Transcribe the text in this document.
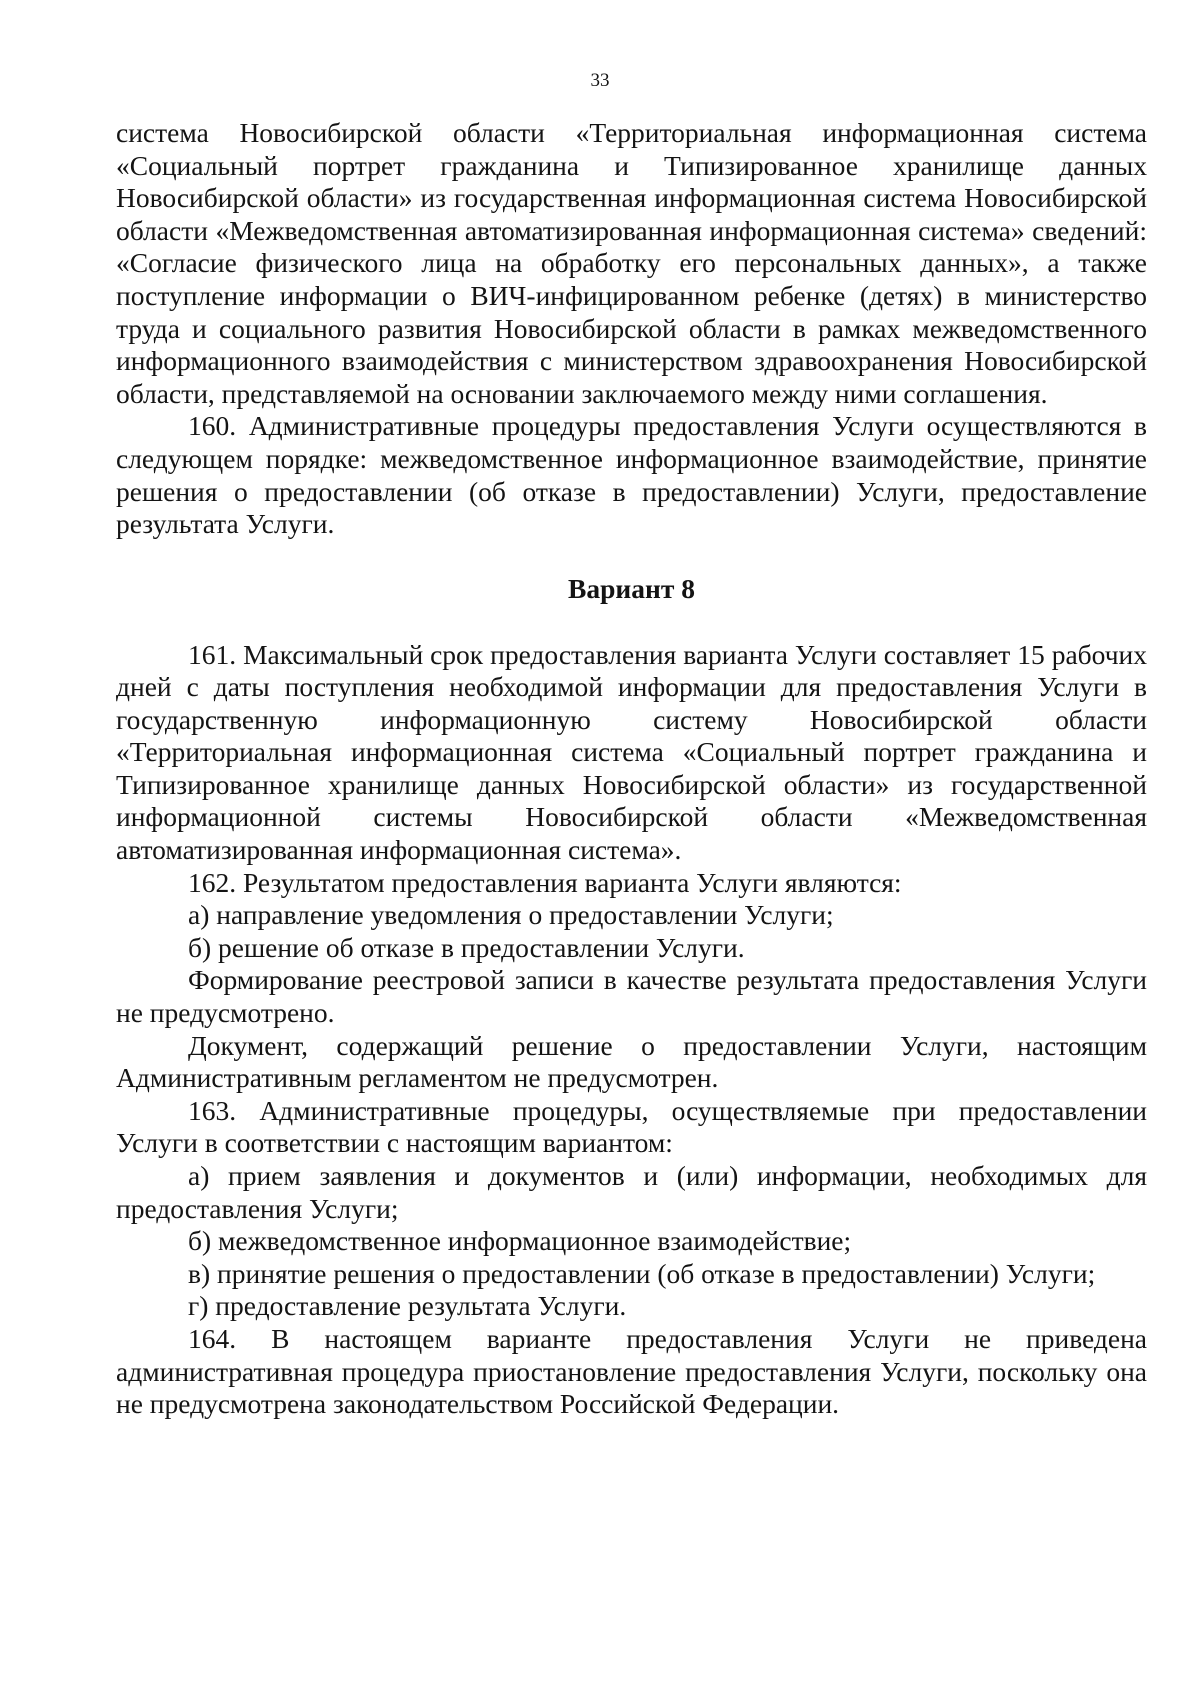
33

система Новосибирской области «Территориальная информационная система «Социальный портрет гражданина и Типизированное хранилище данных Новосибирской области» из государственная информационная система Новосибирской области «Межведомственная автоматизированная информационная система» сведений: «Согласие физического лица на обработку его персональных данных», а также поступление информации о ВИЧ-инфицированном ребенке (детях) в министерство труда и социального развития Новосибирской области в рамках межведомственного информационного взаимодействия с министерством здравоохранения Новосибирской области, представляемой на основании заключаемого между ними соглашения.

160. Административные процедуры предоставления Услуги осуществляются в следующем порядке: межведомственное информационное взаимодействие, принятие решения о предоставлении (об отказе в предоставлении) Услуги, предоставление результата Услуги.

Вариант 8

161. Максимальный срок предоставления варианта Услуги составляет 15 рабочих дней с даты поступления необходимой информации для предоставления Услуги в государственную информационную систему Новосибирской области «Территориальная информационная система «Социальный портрет гражданина и Типизированное хранилище данных Новосибирской области» из государственной информационной системы Новосибирской области «Межведомственная автоматизированная информационная система».

162. Результатом предоставления варианта Услуги являются:

а) направление уведомления о предоставлении Услуги;

б) решение об отказе в предоставлении Услуги.

Формирование реестровой записи в качестве результата предоставления Услуги не предусмотрено.

Документ, содержащий решение о предоставлении Услуги, настоящим Административным регламентом не предусмотрен.

163. Административные процедуры, осуществляемые при предоставлении Услуги в соответствии с настоящим вариантом:

а) прием заявления и документов и (или) информации, необходимых для предоставления Услуги;

б) межведомственное информационное взаимодействие;

в) принятие решения о предоставлении (об отказе в предоставлении) Услуги;

г) предоставление результата Услуги.

164. В настоящем варианте предоставления Услуги не приведена административная процедура приостановление предоставления Услуги, поскольку она не предусмотрена законодательством Российской Федерации.
